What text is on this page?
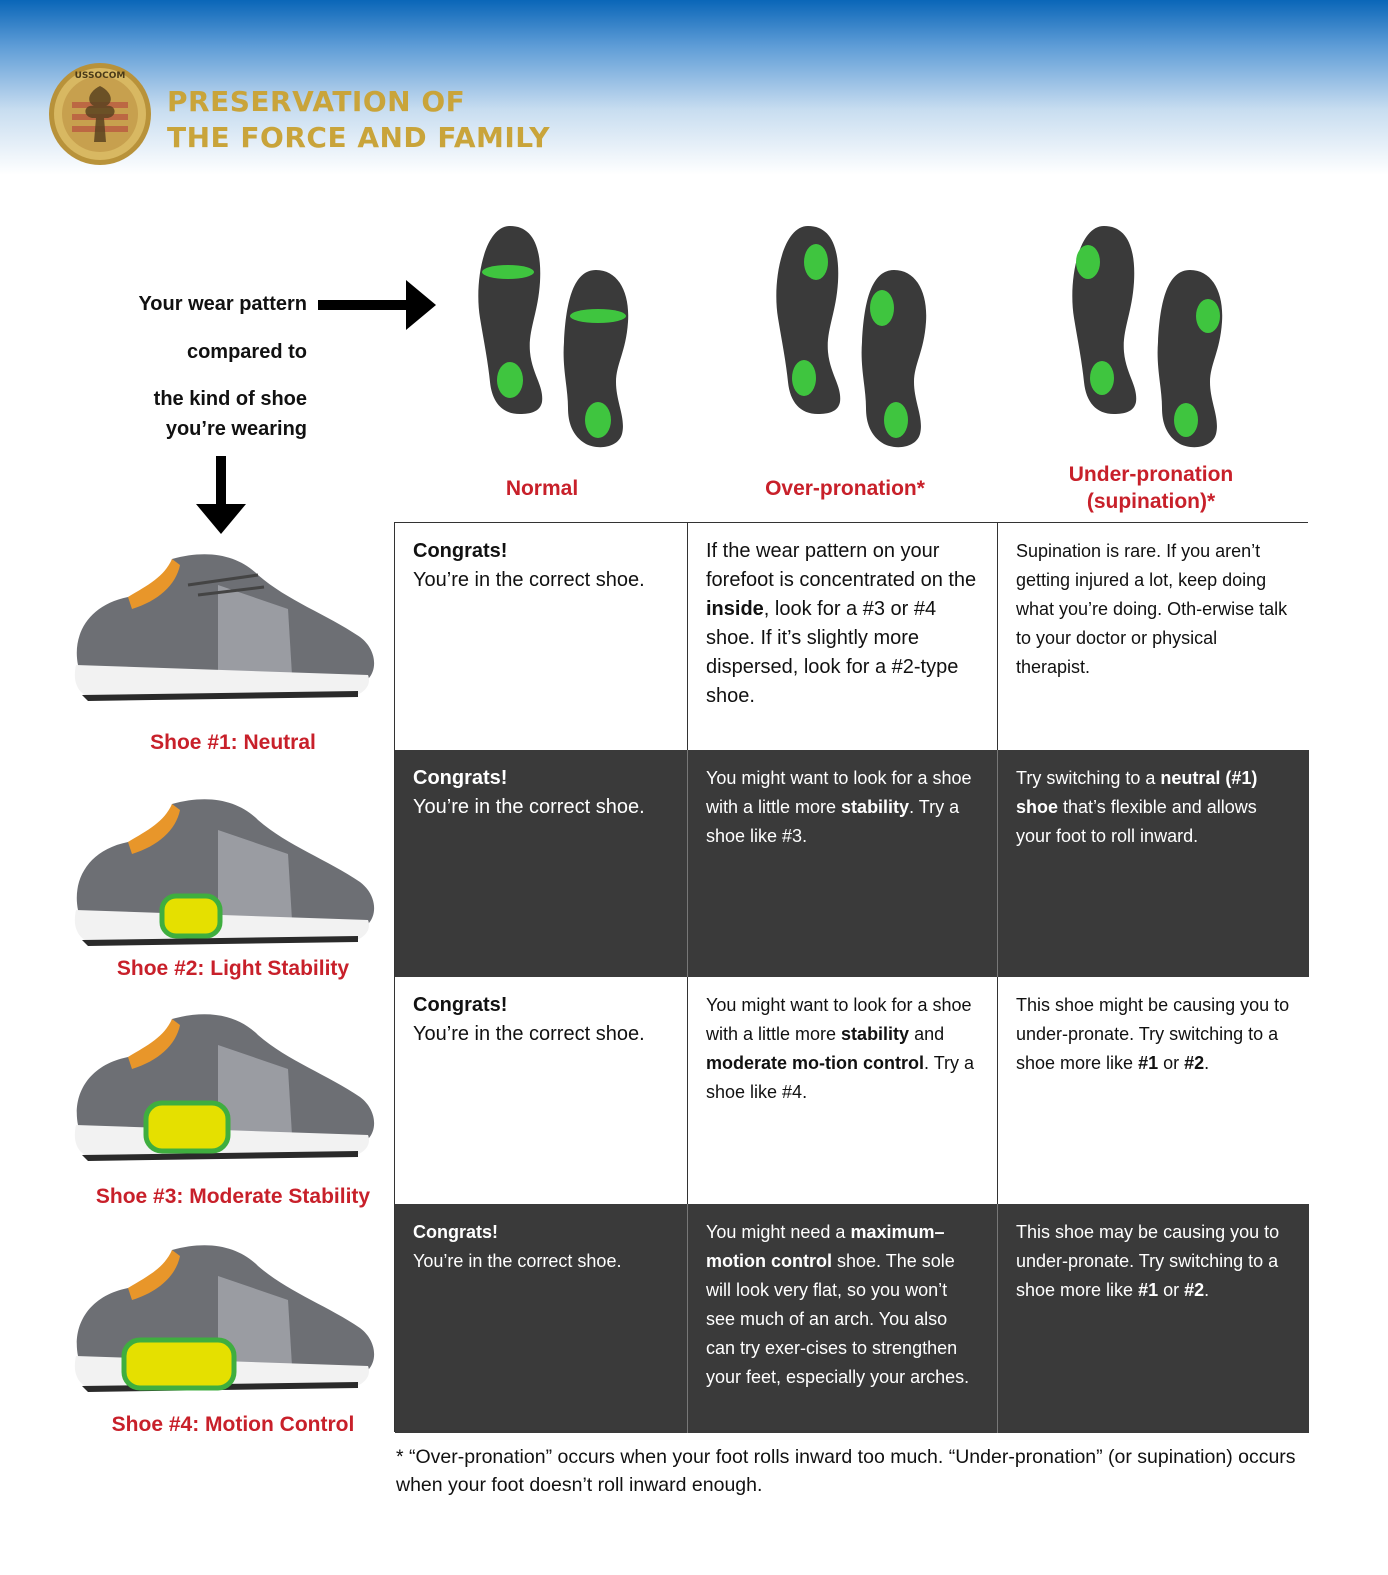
USSOCOM
PRESERVATION OF
THE FORCE AND FAMILY
Your wear pattern
compared to
the kind of shoe
you’re wearing
Normal	Over-pronation*
Under-pronation
(supination)*
Shoe #1: Neutral
Shoe #2: Light Stability
Shoe #3: Moderate Stability
Shoe #4: Motion Control
Congrats!
You’re in the correct shoe.
If the wear pattern on your forefoot is concentrated on the inside, look for a #3 or #4 shoe. If it’s slightly more dispersed, look for a #2-type shoe.
Supination is rare. If you aren’t getting injured a lot, keep doing what you’re doing. Oth-erwise talk to your doctor or physical therapist.
Congrats!
You’re in the correct shoe.
You might want to look for a shoe with a little more stability. Try a shoe like #3.
Try switching to a neutral (#1) shoe that’s flexible and allows your foot to roll inward.
Congrats!
You’re in the correct shoe.
You might want to look for a shoe with a little more stability and moderate mo-tion control. Try a shoe like #4.
This shoe might be causing you to under-pronate. Try switching to a shoe more like #1 or #2.
Congrats!
You’re in the correct shoe.
You might need a maximum–motion control shoe. The sole will look very flat, so you won’t see much of an arch. You also can try exer-cises to strengthen your feet, especially your arches.
This shoe may be causing you to under-pronate. Try switching to a shoe more like #1 or #2.
* “Over-pronation” occurs when your foot rolls inward too much. “Under-pronation” (or supination) occurs when your foot doesn’t roll inward enough.
